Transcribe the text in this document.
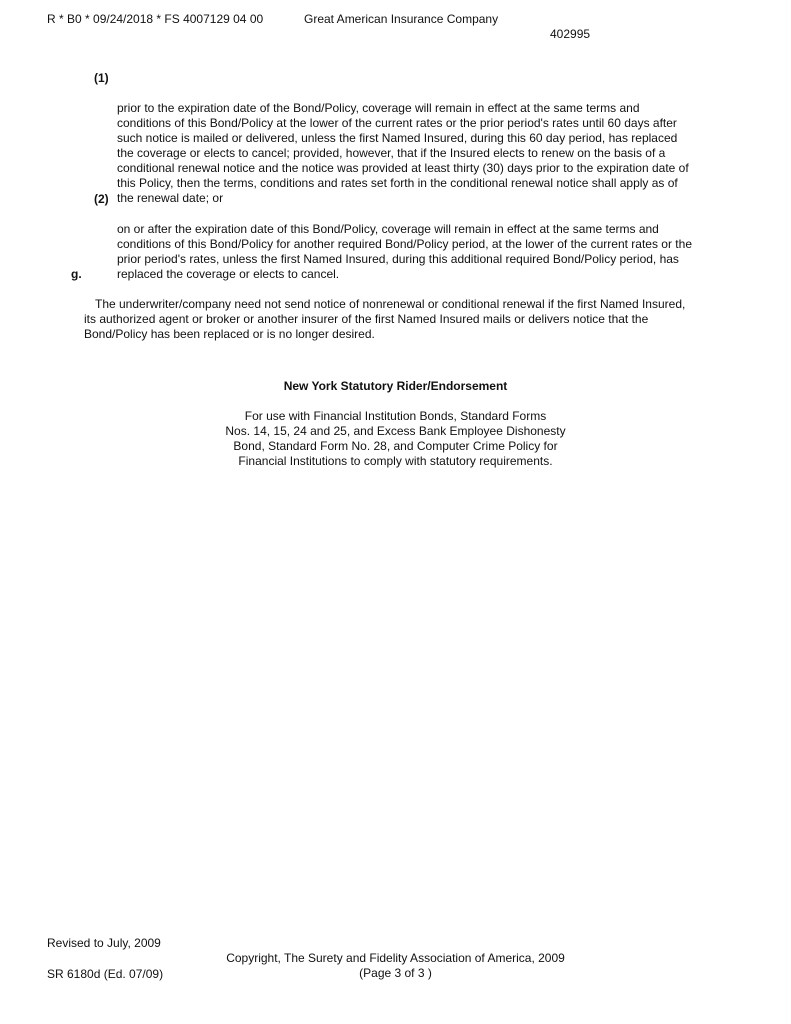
R * B0 * 09/24/2018 * FS 4007129 04 00	Great American Insurance Company
402995

(1)

prior to the expiration date of the Bond/Policy, coverage will remain in effect at the same terms and
conditions of this Bond/Policy at the lower of the current rates or the prior period's rates until 60 days after
such notice is mailed or delivered, unless the first Named Insured, during this 60 day period, has replaced
the coverage or elects to cancel; provided, however, that if the Insured elects to renew on the basis of a
conditional renewal notice and the notice was provided at least thirty (30) days prior to the expiration date of
this Policy, then the terms, conditions and rates set forth in the conditional renewal notice shall apply as of
the renewal date; or

(2)

on or after the expiration date of this Bond/Policy, coverage will remain in effect at the same terms and
conditions of this Bond/Policy for another required Bond/Policy period, at the lower of the current rates or the
prior period's rates, unless the first Named Insured, during this additional required Bond/Policy period, has
replaced the coverage or elects to cancel.

g.

The underwriter/company need not send notice of nonrenewal or conditional renewal if the first Named Insured,
its authorized agent or broker or another insurer of the first Named Insured mails or delivers notice that the
Bond/Policy has been replaced or is no longer desired.

New York Statutory Rider/Endorsement
For use with Financial Institution Bonds, Standard Forms
Nos. 14, 15, 24 and 25, and Excess Bank Employee Dishonesty
Bond, Standard Form No. 28, and Computer Crime Policy for
Financial Institutions to comply with statutory requirements.
Revised to July, 2009
Copyright, The Surety and Fidelity Association of America, 2009
(Page 3 of 3 )
SR 6180d (Ed. 07/09)
